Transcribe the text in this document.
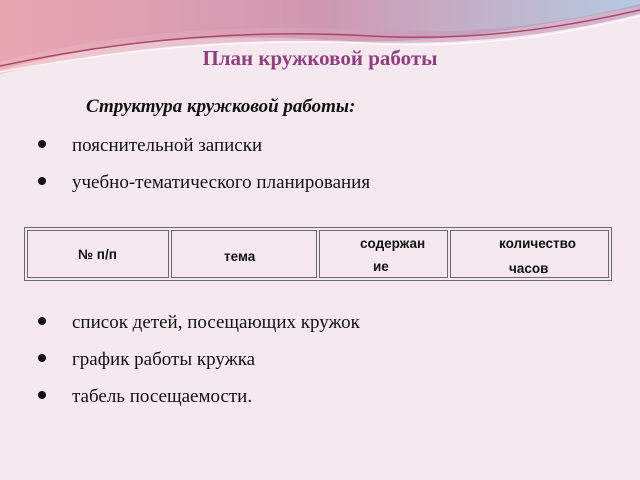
План кружковой работы
Структура кружковой работы:
пояснительной записки
учебно-тематического планирования
№ п/п	тема
содержан
ие
количество
часов
список детей, посещающих кружок
график работы кружка
табель посещаемости.
